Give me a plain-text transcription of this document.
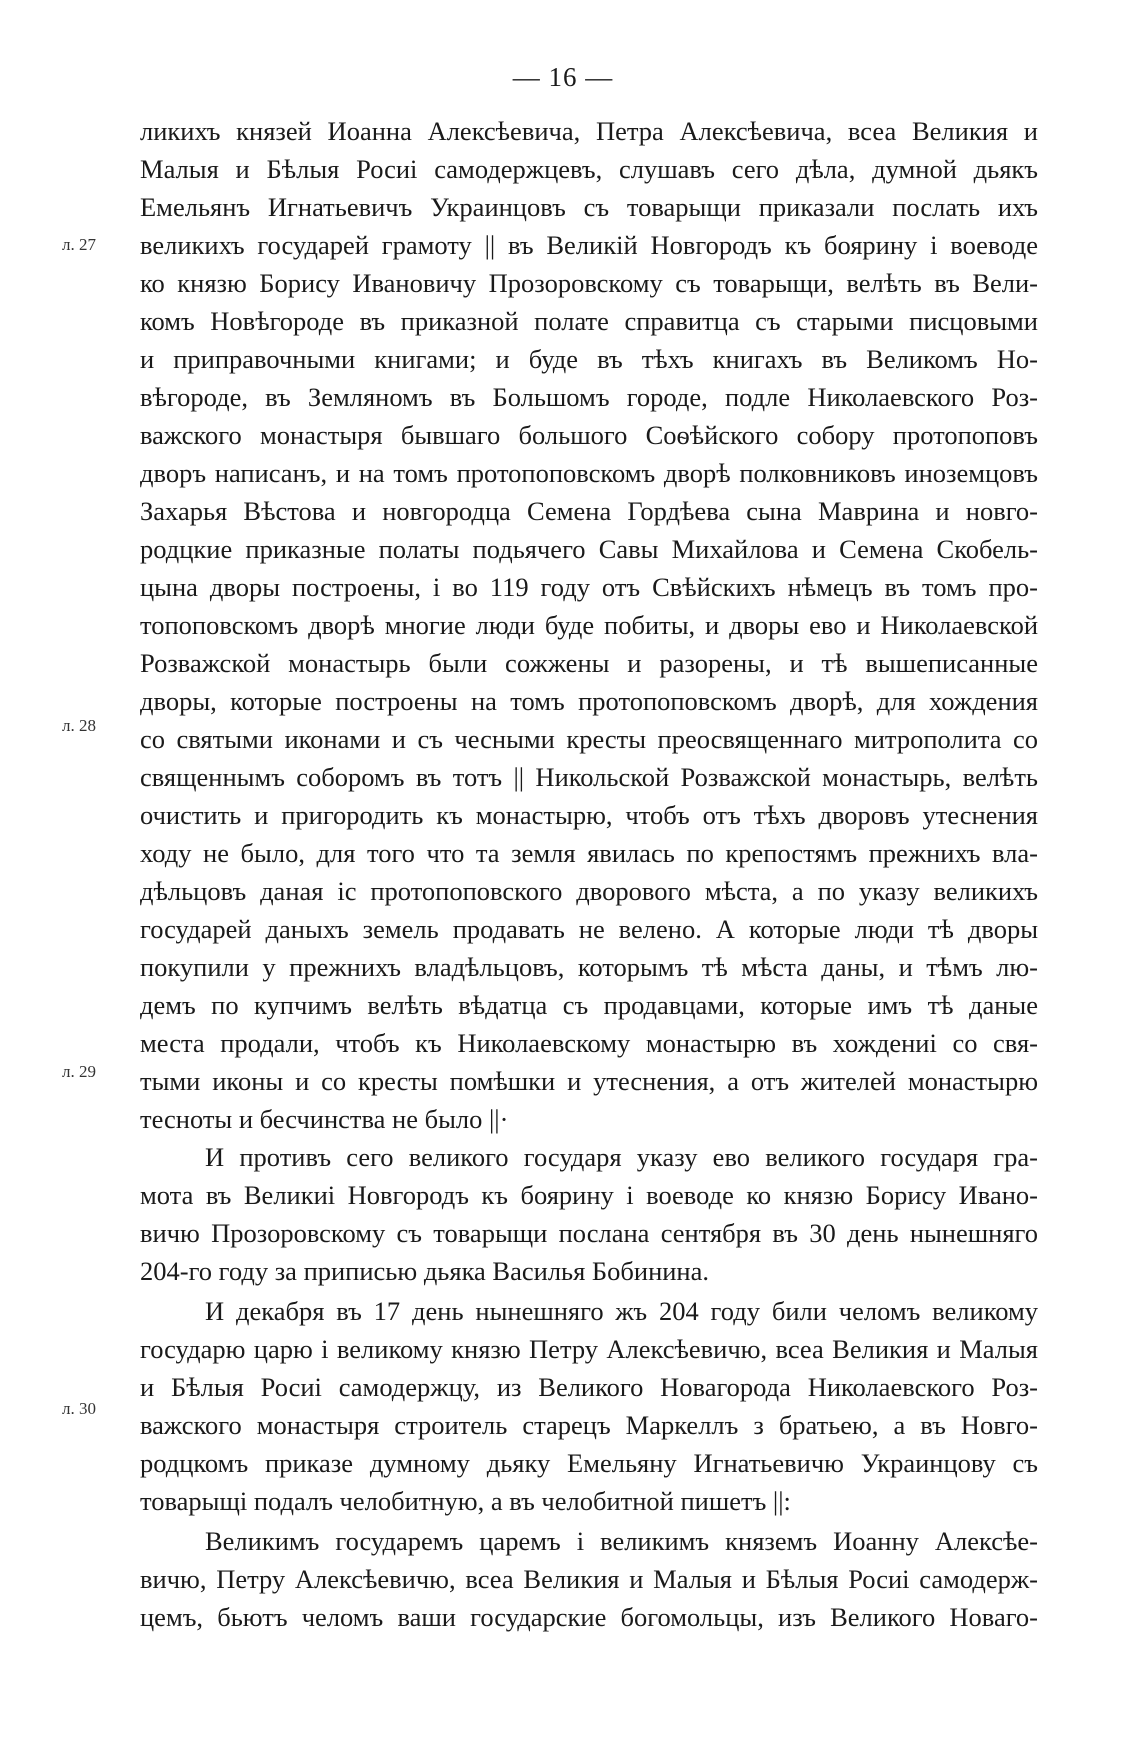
— 16 —
л. 27
л. 28
л. 29
л. 30
ликихъ князей Иоанна Алексѣевича, Петра Алексѣевича, всеа Великия и
Малыя и Бѣлыя Росиі самодержцевъ, слушавъ сего дѣла, думной дьякъ
Емельянъ Игнатьевичъ Украинцовъ съ товарыщи приказали послать ихъ
великихъ государей грамоту || въ Великій Новгородъ къ боярину і воеводе
ко князю Борису Ивановичу Прозоровскому съ товарыщи, велѣть въ Вели-
комъ Новѣгороде въ приказной полате справитца съ старыми писцовыми
и приправочными книгами; и буде въ тѣхъ книгахъ въ Великомъ Но-
вѣгороде, въ Земляномъ въ Большомъ городе, подле Николаевского Роз-
важского монастыря бывшаго большого Соѳѣйского собору протопоповъ
дворъ написанъ, и на томъ протопоповскомъ дворѣ полковниковъ иноземцовъ
Захарья Вѣстова и новгородца Семена Гордѣева сына Маврина и новго-
родцкие приказные полаты подьячего Савы Михайлова и Семена Скобель-
цына дворы построены, і во 119 году отъ Свѣйскихъ нѣмецъ въ томъ про-
топоповскомъ дворѣ многие люди буде побиты, и дворы ево и Николаевской
Розважской монастырь были сожжены и разорены, и тѣ вышеписанные
дворы, которые построены на томъ протопоповскомъ дворѣ, для хождения
со святыми иконами и съ чесными кресты преосвященнаго митрополита со
священнымъ соборомъ въ тотъ || Никольской Розважской монастырь, велѣть
очистить и пригородить къ монастырю, чтобъ отъ тѣхъ дворовъ утеснения
ходу не было, для того что та земля явилась по крепостямъ прежнихъ вла-
дѣльцовъ даная іс протопоповского дворового мѣста, а по указу великихъ
государей даныхъ земель продавать не велено. А которые люди тѣ дворы
покупили у прежнихъ владѣльцовъ, которымъ тѣ мѣста даны, и тѣмъ лю-
демъ по купчимъ велѣть вѣдатца съ продавцами, которые имъ тѣ даные
места продали, чтобъ къ Николаевскому монастырю въ хождениі со свя-
тыми иконы и со кресты помѣшки и утеснения, а отъ жителей монастырю
тесноты и бесчинства не было ||·
И противъ сего великого государя указу ево великого государя гра-
мота въ Великиі Новгородъ къ боярину і воеводе ко князю Борису Ивано-
вичю Прозоровскому съ товарыщи послана сентября въ 30 день нынешняго
204-го году за приписью дьяка Василья Бобинина.
И декабря въ 17 день нынешняго жъ 204 году били челомъ великому
государю царю і великому князю Петру Алексѣевичю, всеа Великия и Малыя
и Бѣлыя Росиі самодержцу, из Великого Новагорода Николаевского Роз-
важского монастыря строитель старецъ Маркеллъ з братьею, а въ Новго-
родцкомъ приказе думному дьяку Емельяну Игнатьевичю Украинцову съ
товарыщі подалъ челобитную, а въ челобитной пишетъ ||:
Великимъ государемъ царемъ і великимъ княземъ Иоанну Алексѣе-
вичю, Петру Алексѣевичю, всеа Великия и Малыя и Бѣлыя Росиі самодерж-
цемъ, бьютъ челомъ ваши государские богомольцы, изъ Великого Новаго-
